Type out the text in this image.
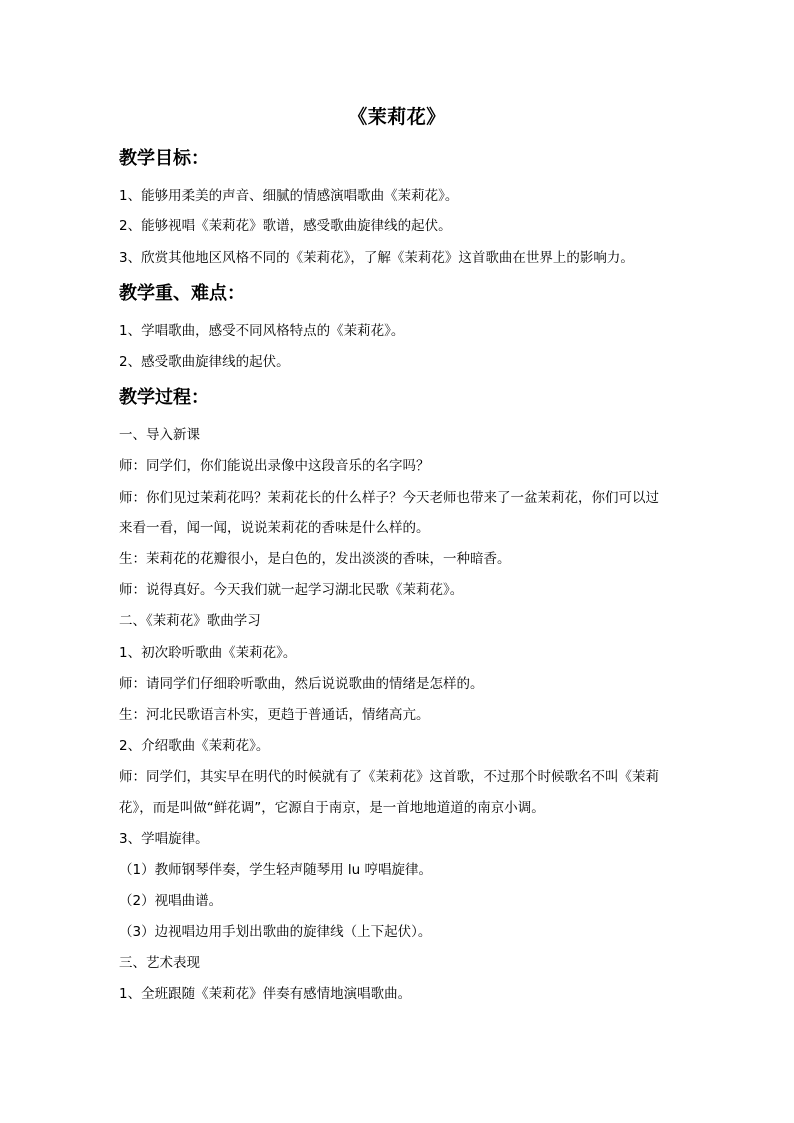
《茉莉花》
教学目标：
1、能够用柔美的声音、细腻的情感演唱歌曲《茉莉花》。
2、能够视唱《茉莉花》歌谱，感受歌曲旋律线的起伏。
3、欣赏其他地区风格不同的《茉莉花》，了解《茉莉花》这首歌曲在世界上的影响力。
教学重、难点：
1、学唱歌曲，感受不同风格特点的《茉莉花》。
2、感受歌曲旋律线的起伏。
教学过程：
一、导入新课
师：同学们，你们能说出录像中这段音乐的名字吗？
师：你们见过茉莉花吗？茉莉花长的什么样子？今天老师也带来了一盆茉莉花，你们可以过
来看一看，闻一闻，说说茉莉花的香味是什么样的。
生：茉莉花的花瓣很小，是白色的，发出淡淡的香味，一种暗香。
师：说得真好。今天我们就一起学习湖北民歌《茉莉花》。
二、《茉莉花》歌曲学习
1、初次聆听歌曲《茉莉花》。
师：请同学们仔细聆听歌曲，然后说说歌曲的情绪是怎样的。
生：河北民歌语言朴实，更趋于普通话，情绪高亢。
2、介绍歌曲《茉莉花》。
师：同学们，其实早在明代的时候就有了《茉莉花》这首歌，不过那个时候歌名不叫《茉莉
花》，而是叫做“鲜花调”，它源自于南京，是一首地地道道的南京小调。
3、学唱旋律。
（1）教师钢琴伴奏，学生轻声随琴用 lu 哼唱旋律。
（2）视唱曲谱。
（3）边视唱边用手划出歌曲的旋律线（上下起伏）。
三、艺术表现
1、全班跟随《茉莉花》伴奏有感情地演唱歌曲。
